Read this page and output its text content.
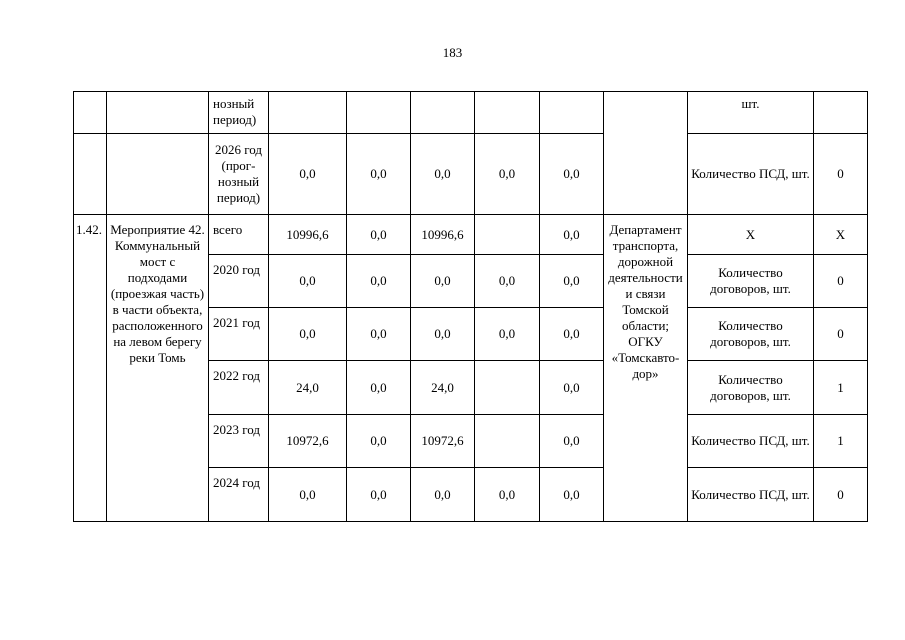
183
		нозный период)							шт.	
		2026 год (прог-нозный период)	0,0	0,0	0,0	0,0	0,0		Количество ПСД, шт.	0
1.42.	Мероприятие 42. Коммунальный мост с подходами (проезжая часть) в части объекта, расположенного на левом берегу реки Томь	всего	10996,6	0,0	10996,6		0,0	Департамент транспорта, дорожной деятельности и связи Томской области; ОГКУ «Томскавто-дор»	X	X
		2020 год	0,0	0,0	0,0	0,0	0,0		Количество договоров, шт.	0
		2021 год	0,0	0,0	0,0	0,0	0,0		Количество договоров, шт.	0
		2022 год	24,0	0,0	24,0		0,0		Количество договоров, шт.	1
		2023 год	10972,6	0,0	10972,6		0,0		Количество ПСД, шт.	1
		2024 год	0,0	0,0	0,0	0,0	0,0		Количество ПСД, шт.	0
